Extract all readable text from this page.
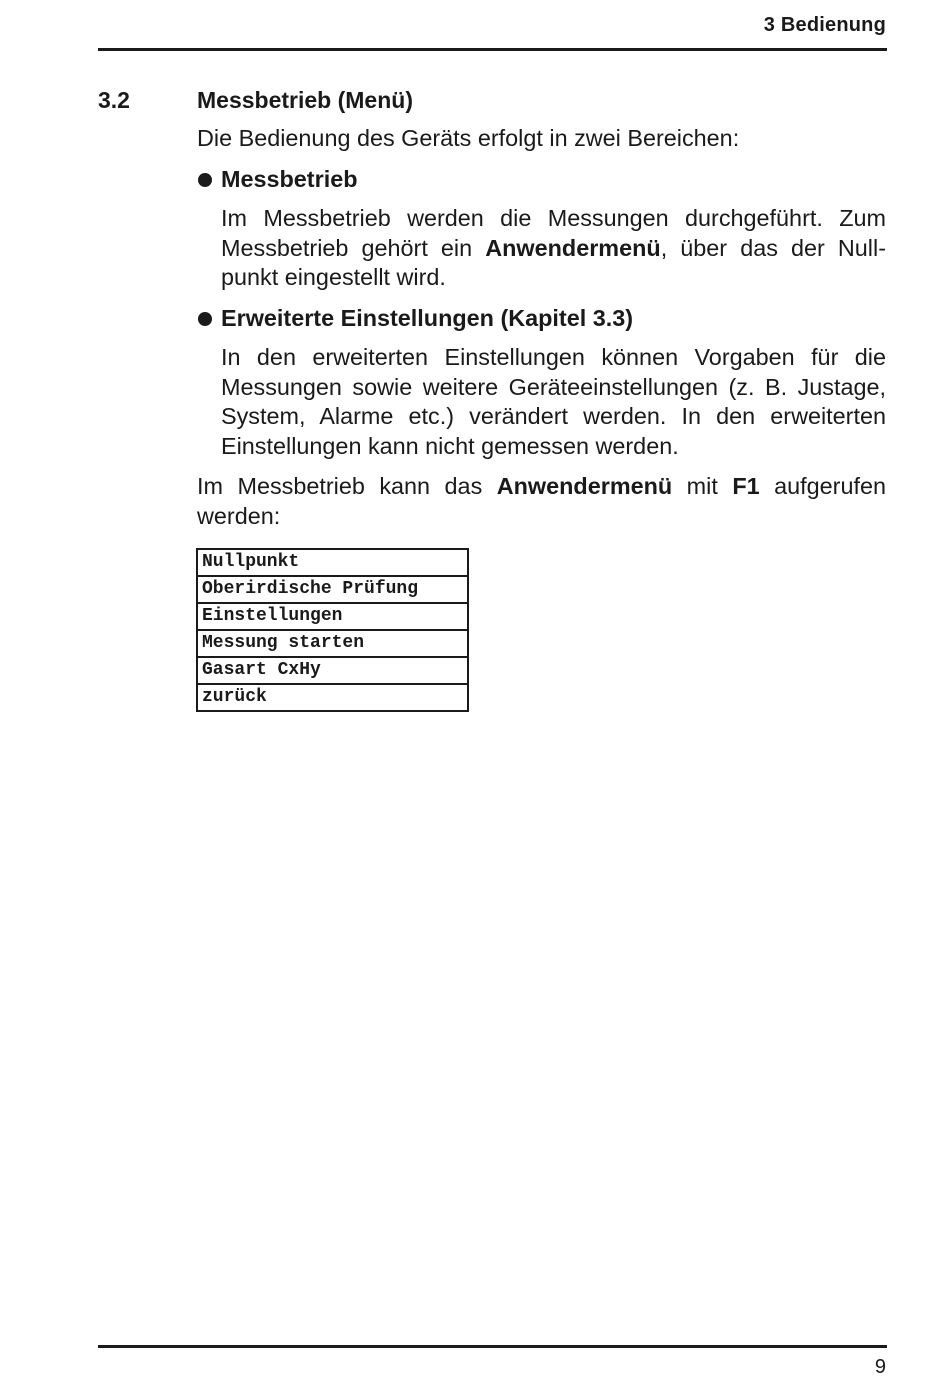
3 Bedienung
3.2	Messbetrieb (Menü)

Die Bedienung des Geräts erfolgt in zwei Bereichen:

Messbetrieb

Im Messbetrieb werden die Messungen durchgeführt. Zum Messbetrieb gehört ein Anwendermenü, über das der Nullpunkt eingestellt wird.

Erweiterte Einstellungen (Kapitel 3.3)

In den erweiterten Einstellungen können Vorgaben für die Messungen sowie weitere Geräteeinstellungen (z. B. Justage, System, Alarme etc.) verändert werden. In den erweiterten Einstellungen kann nicht gemessen werden.

Im Messbetrieb kann das Anwendermenü mit F1 aufgerufen werden:

Nullpunkt
Oberirdische Prüfung
Einstellungen
Messung starten
Gasart CxHy
zurück
9
